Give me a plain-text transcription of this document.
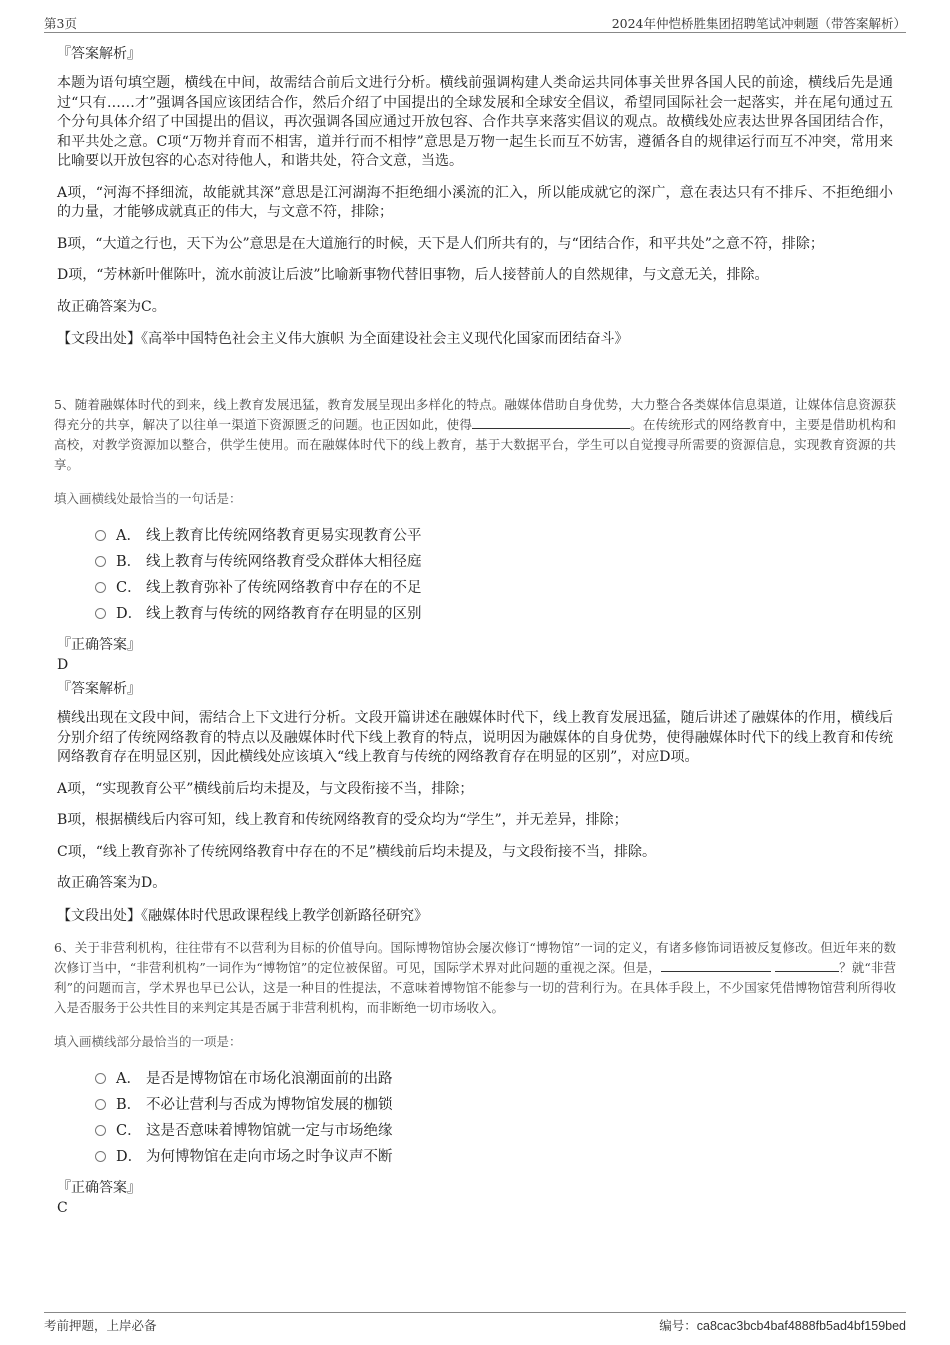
第3页	2024年仲恺桥胜集团招聘笔试冲刺题（带答案解析）
『答案解析』

本题为语句填空题，横线在中间，故需结合前后文进行分析。横线前强调构建人类命运共同体事关世界各国人民的前途，横线后先是通过“只有……才”强调各国应该团结合作，然后介绍了中国提出的全球发展和全球安全倡议，希望同国际社会一起落实，并在尾句通过五个分句具体介绍了中国提出的倡议，再次强调各国应通过开放包容、合作共享来落实倡议的观点。故横线处应表达世界各国团结合作，和平共处之意。C项“万物并育而不相害，道并行而不相悖”意思是万物一起生长而互不妨害，遵循各自的规律运行而互不冲突，常用来比喻要以开放包容的心态对待他人，和谐共处，符合文意，当选。

A项，“河海不择细流，故能就其深”意思是江河湖海不拒绝细小溪流的汇入，所以能成就它的深广，意在表达只有不排斥、不拒绝细小的力量，才能够成就真正的伟大，与文意不符，排除；

B项，“大道之行也，天下为公”意思是在大道施行的时候，天下是人们所共有的，与“团结合作，和平共处”之意不符，排除；

D项，“芳林新叶催陈叶，流水前波让后波”比喻新事物代替旧事物，后人接替前人的自然规律，与文意无关，排除。

故正确答案为C。

【文段出处】《高举中国特色社会主义伟大旗帜 为全面建设社会主义现代化国家而团结奋斗》
5、随着融媒体时代的到来，线上教育发展迅猛，教育发展呈现出多样化的特点。融媒体借助自身优势，大力整合各类媒体信息渠道，让媒体信息资源获得充分的共享，解决了以往单一渠道下资源匮乏的问题。也正因如此，使得	。在传统形式的网络教育中，主要是借助机构和高校，对教学资源加以整合，供学生使用。而在融媒体时代下的线上教育，基于大数据平台，学生可以自觉搜寻所需要的资源信息，实现教育资源的共享。
填入画横线处最恰当的一句话是：
A． 线上教育比传统网络教育更易实现教育公平
B． 线上教育与传统网络教育受众群体大相径庭
C． 线上教育弥补了传统网络教育中存在的不足
D． 线上教育与传统的网络教育存在明显的区别
『正确答案』
D
『答案解析』

横线出现在文段中间，需结合上下文进行分析。文段开篇讲述在融媒体时代下，线上教育发展迅猛，随后讲述了融媒体的作用，横线后分别介绍了传统网络教育的特点以及融媒体时代下线上教育的特点，说明因为融媒体的自身优势，使得融媒体时代下的线上教育和传统网络教育存在明显区别，因此横线处应该填入“线上教育与传统的网络教育存在明显的区别”，对应D项。

A项，“实现教育公平”横线前后均未提及，与文段衔接不当，排除；

B项，根据横线后内容可知，线上教育和传统网络教育的受众均为“学生”，并无差异，排除；

C项，“线上教育弥补了传统网络教育中存在的不足”横线前后均未提及，与文段衔接不当，排除。

故正确答案为D。

【文段出处】《融媒体时代思政课程线上教学创新路径研究》
6、关于非营利机构，往往带有不以营利为目标的价值导向。国际博物馆协会屡次修订“博物馆”一词的定义，有诸多修饰词语被反复修改。但近年来的数次修订当中，“非营利机构”一词作为“博物馆”的定位被保留。可见，国际学术界对此问题的重视之深。但是，	？就“非营利”的问题而言，学术界也早已公认，这是一种目的性提法，不意味着博物馆不能参与一切的营利行为。在具体手段上，不少国家凭借博物馆营利所得收入是否服务于公共性目的来判定其是否属于非营利机构，而非断绝一切市场收入。
填入画横线部分最恰当的一项是：
A． 是否是博物馆在市场化浪潮面前的出路
B． 不必让营利与否成为博物馆发展的枷锁
C． 这是否意味着博物馆就一定与市场绝缘
D． 为何博物馆在走向市场之时争议声不断
『正确答案』
C
考前押题，上岸必备	编号：ca8cac3bcb4baf4888fb5ad4bf159bed
